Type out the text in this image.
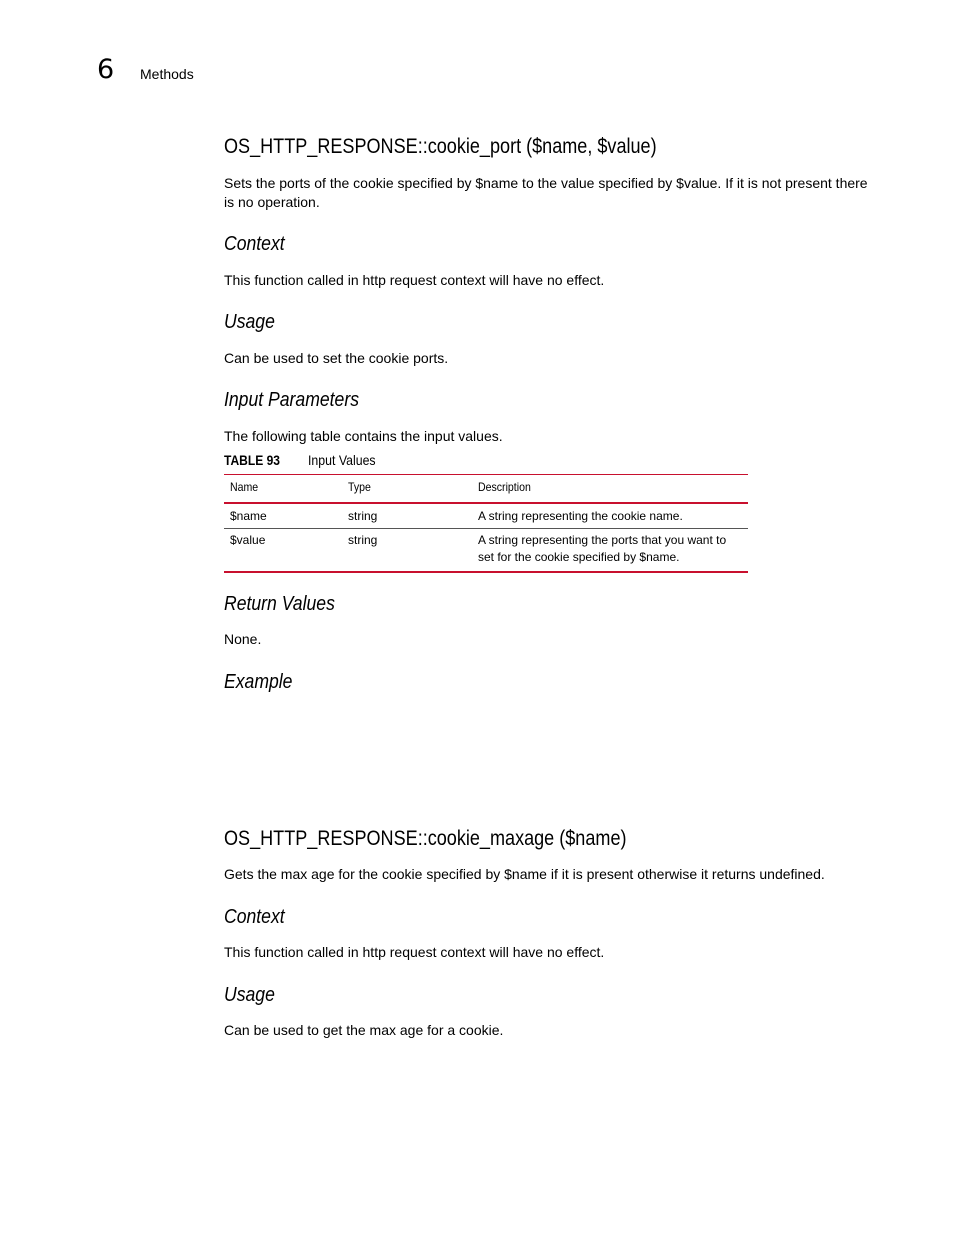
6 Methods
OS_HTTP_RESPONSE::cookie_port ($name, $value)
Sets the ports of the cookie specified by $name to the value specified by $value. If it is not present there is no operation.
Context
This function called in http request context will have no effect.
Usage
Can be used to set the cookie ports.
Input Parameters
The following table contains the input values.
TABLE 93 Input Values
Name	Type	Description
$name	string	A string representing the cookie name.
$value	string	A string representing the ports that you want to set for the cookie specified by $name.
Return Values
None.
Example
OS_HTTP_RESPONSE::cookie_maxage ($name)
Gets the max age for the cookie specified by $name if it is present otherwise it returns undefined.
Context
This function called in http request context will have no effect.
Usage
Can be used to get the max age for a cookie.
